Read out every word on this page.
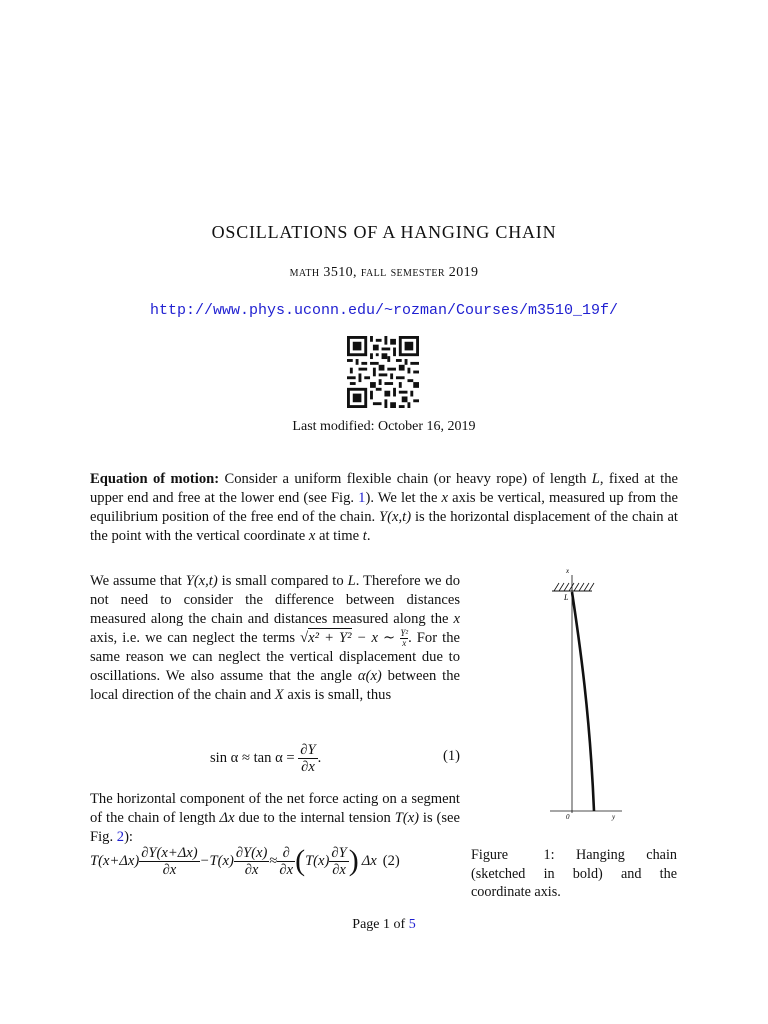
OSCILLATIONS OF A HANGING CHAIN
math 3510, fall semester 2019
http://www.phys.uconn.edu/~rozman/Courses/m3510_19f/
Last modified: October 16, 2019
Equation of motion: Consider a uniform flexible chain (or heavy rope) of length L, fixed at the upper end and free at the lower end (see Fig. 1). We let the x axis be vertical, measured up from the equilibrium position of the free end of the chain. Y(x,t) is the horizontal displacement of the chain at the point with the vertical coordinate x at time t.
We assume that Y(x,t) is small compared to L. Therefore we do not need to consider the difference between distances measured along the chain and distances measured along the x axis, i.e. we can neglect the terms √x² + Y² − x ∼ $\frac{\text{Y²}}{x}$. For the same reason we can neglect the vertical displacement due to oscillations. We also assume that the angle α(x) between the local direction of the chain and X axis is small, thus
$\sin \alpha \approx \tan \alpha = \frac{\partial Y}{\partial x}$ .	(1)
The horizontal component of the net force acting on a segment of the chain of length Δx due to the internal tension T(x) is (see Fig. 2):
$T(x+\Delta x) \frac{\partial Y(x+\Delta x)}{\partial x} -T(x) \frac{\partial Y(x)}{\partial x} \approx \frac{\partial}{\partial x}$ ( $T(x) \frac{\partial Y}{\partial x}$ ) Δx (2)
x
L
0	y
Figure 1: Hanging chain (sketched in bold) and the coordinate axis.
Page 1 of 5
